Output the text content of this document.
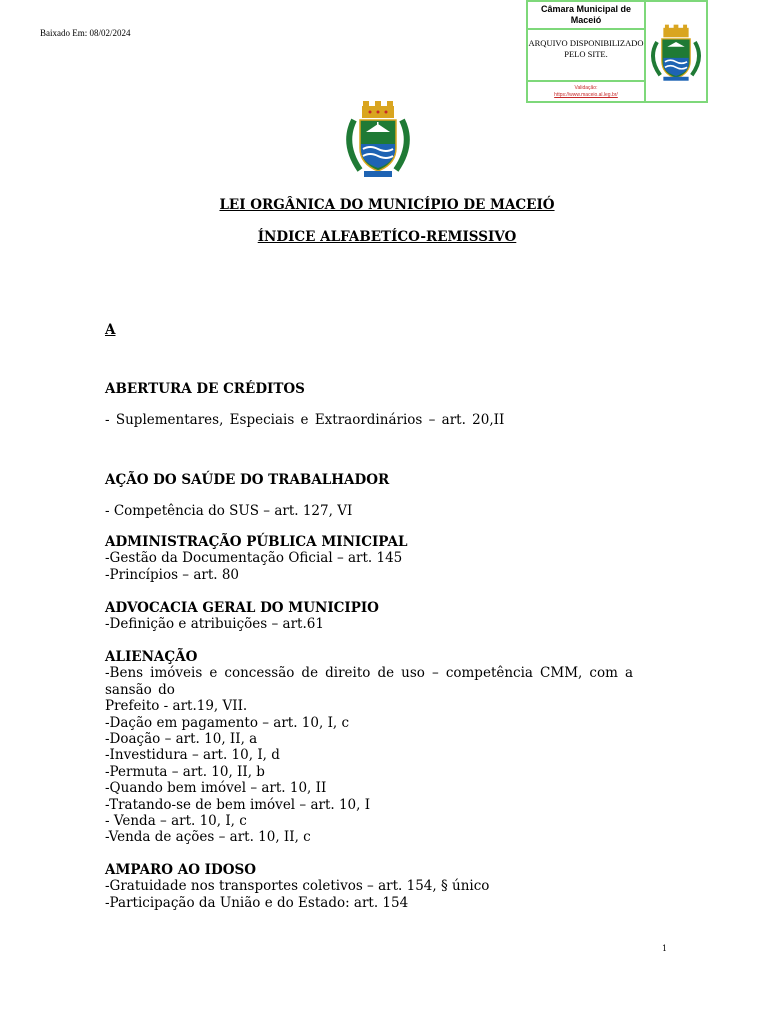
Baixado Em: 08/02/2024
Câmara Municipal de Maceió
ARQUIVO DISPONIBILIZADO PELO SITE.
Validação:
https://www.maceio.al.leg.br/
LEI ORGÂNICA DO MUNICÍPIO DE MACEIÓ
ÍNDICE ALFABETÍCO-REMISSIVO
A
ABERTURA DE CRÉDITOS
- Suplementares, Especiais e Extraordinários – art. 20,II
AÇÃO DO SAÚDE DO TRABALHADOR
- Competência do SUS – art. 127, VI
ADMINISTRAÇÃO PÚBLICA MINICIPAL
-Gestão da Documentação Oficial – art. 145
-Princípios – art. 80
ADVOCACIA GERAL DO MUNICIPIO
-Definição e atribuições – art.61
ALIENAÇÃO
-Bens imóveis e concessão de direito de uso – competência CMM, com a sansão do
Prefeito - art.19, VII.
-Dação em pagamento – art. 10, I, c
-Doação – art. 10, II, a
-Investidura – art. 10, I, d
-Permuta – art. 10, II, b
-Quando bem imóvel – art. 10, II
-Tratando-se de bem imóvel – art. 10, I
- Venda – art. 10, I, c
-Venda de ações – art. 10, II, c
AMPARO AO IDOSO
-Gratuidade nos transportes coletivos – art. 154, § único
-Participação da União e do Estado: art. 154
1
